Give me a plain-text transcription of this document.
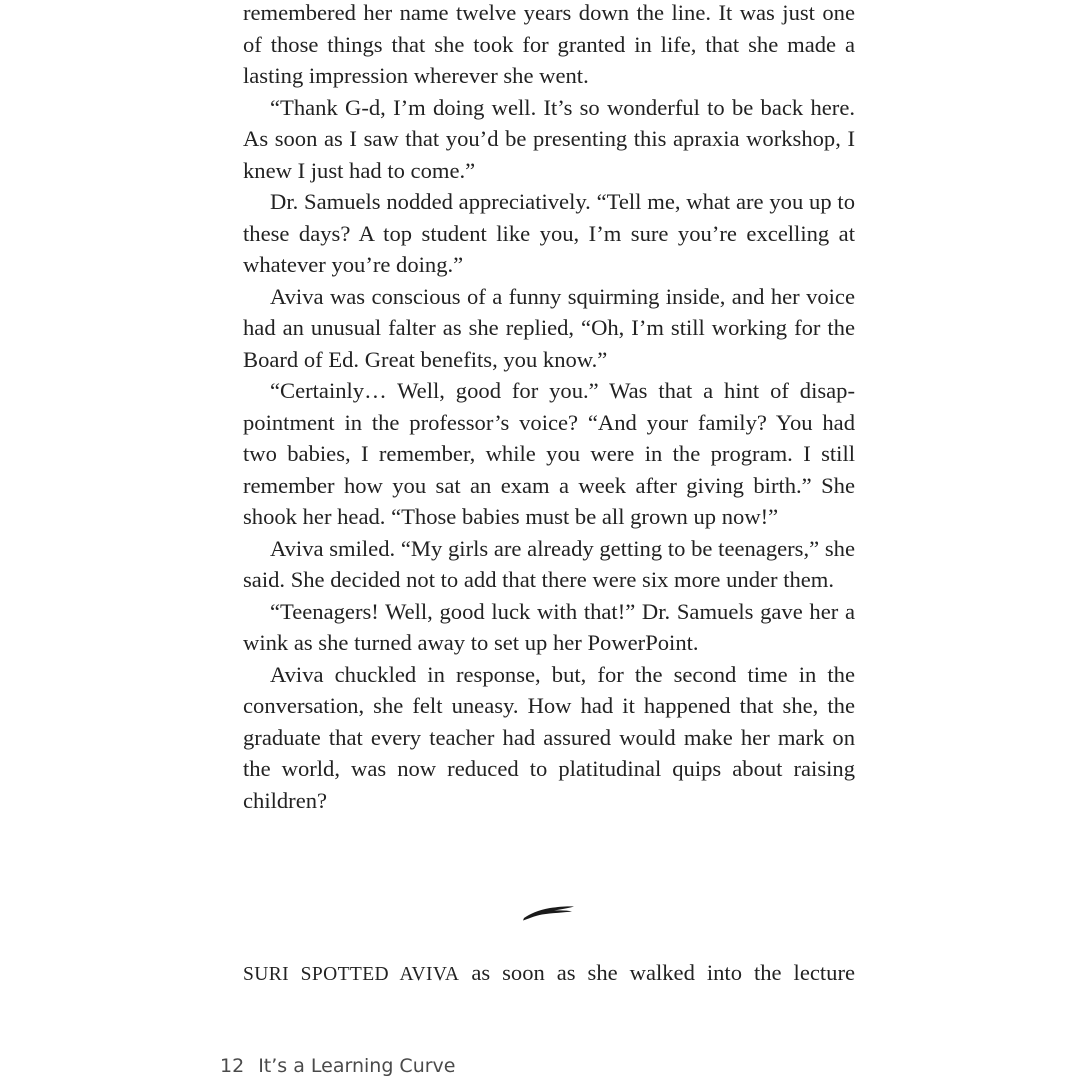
remembered her name twelve years down the line. It was just one of those things that she took for granted in life, that she made a lasting impression wherever she went.

“Thank G-d, I’m doing well. It’s so wonderful to be back here. As soon as I saw that you’d be presenting this apraxia workshop, I knew I just had to come.”

Dr. Samuels nodded appreciatively. “Tell me, what are you up to these days? A top student like you, I’m sure you’re excelling at whatever you’re doing.”

Aviva was conscious of a funny squirming inside, and her voice had an unusual falter as she replied, “Oh, I’m still working for the Board of Ed. Great benefits, you know.”

“Certainly… Well, good for you.” Was that a hint of disappointment in the professor’s voice? “And your family? You had two babies, I remember, while you were in the program. I still remember how you sat an exam a week after giving birth.” She shook her head. “Those babies must be all grown up now!”

Aviva smiled. “My girls are already getting to be teenagers,” she said. She decided not to add that there were six more under them.

“Teenagers! Well, good luck with that!” Dr. Samuels gave her a wink as she turned away to set up her PowerPoint.

Aviva chuckled in response, but, for the second time in the conversation, she felt uneasy. How had it happened that she, the graduate that every teacher had assured would make her mark on the world, was now reduced to platitudinal quips about raising children?

SURI SPOTTED AVIVA as soon as she walked into the lecture
12 It’s a Learning Curve
